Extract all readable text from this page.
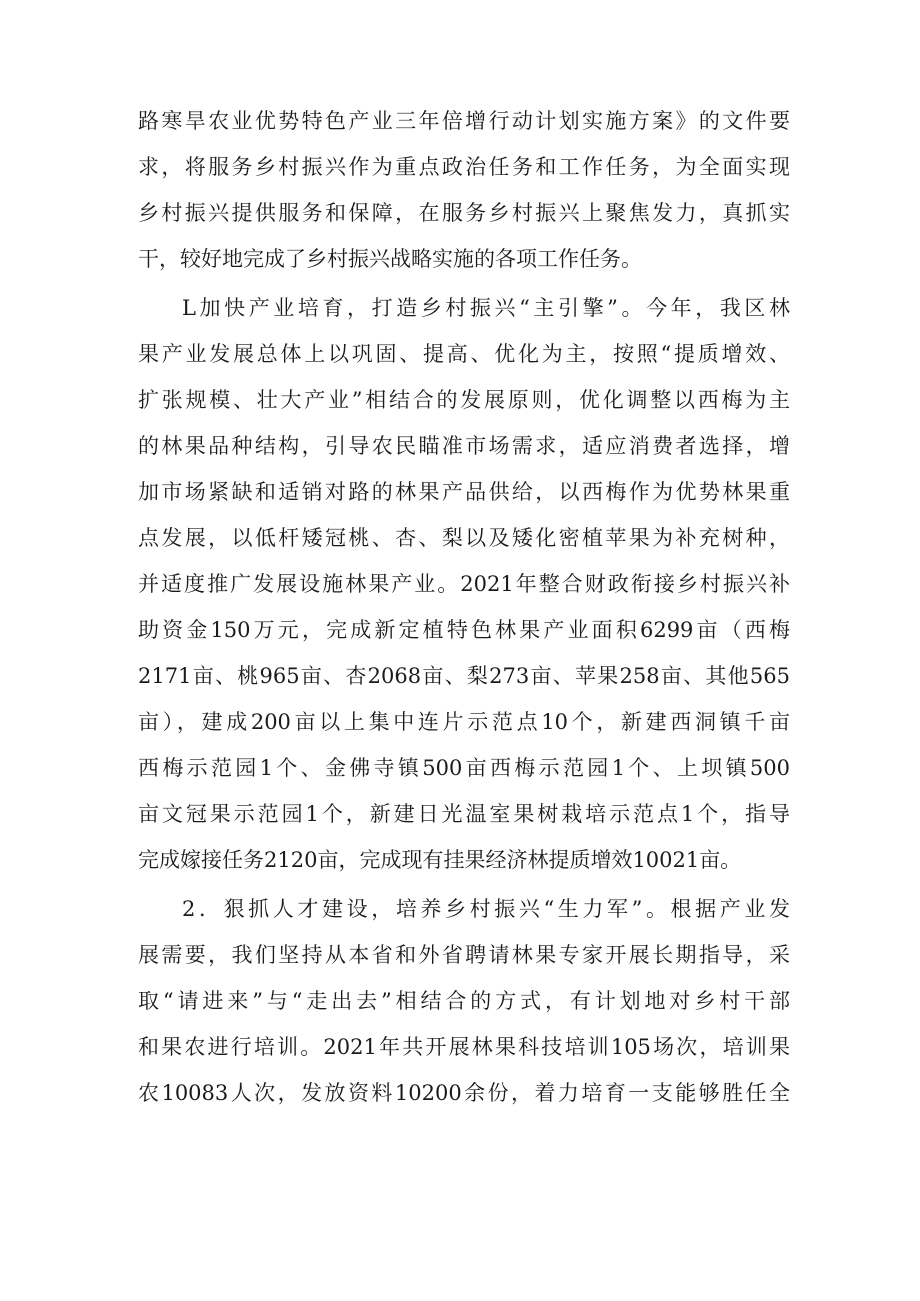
路寒旱农业优势特色产业三年倍增行动计划实施方案》的文件要
求，将服务乡村振兴作为重点政治任务和工作任务，为全面实现
乡村振兴提供服务和保障，在服务乡村振兴上聚焦发力，真抓实
干，较好地完成了乡村振兴战略实施的各项工作任务。
L加快产业培育，打造乡村振兴“主引擎”。今年，我区林
果产业发展总体上以巩固、提高、优化为主，按照“提质增效、
扩张规模、壮大产业”相结合的发展原则，优化调整以西梅为主
的林果品种结构，引导农民瞄准市场需求，适应消费者选择，增
加市场紧缺和适销对路的林果产品供给，以西梅作为优势林果重
点发展，以低杆矮冠桃、杏、梨以及矮化密植苹果为补充树种，
并适度推广发展设施林果产业。2021年整合财政衔接乡村振兴补
助资金150万元，完成新定植特色林果产业面积6299亩（西梅
2171亩、桃965亩、杏2068亩、梨273亩、苹果258亩、其他565
亩），建成200亩以上集中连片示范点10个，新建西洞镇千亩
西梅示范园1个、金佛寺镇500亩西梅示范园1个、上坝镇500
亩文冠果示范园1个，新建日光温室果树栽培示范点1个，指导
完成嫁接任务2120亩，完成现有挂果经济林提质增效10021亩。
2．狠抓人才建设，培养乡村振兴“生力军”。根据产业发
展需要，我们坚持从本省和外省聘请林果专家开展长期指导，采
取“请进来”与“走出去”相结合的方式，有计划地对乡村干部
和果农进行培训。2021年共开展林果科技培训105场次，培训果
农10083人次，发放资料10200余份，着力培育一支能够胜任全
